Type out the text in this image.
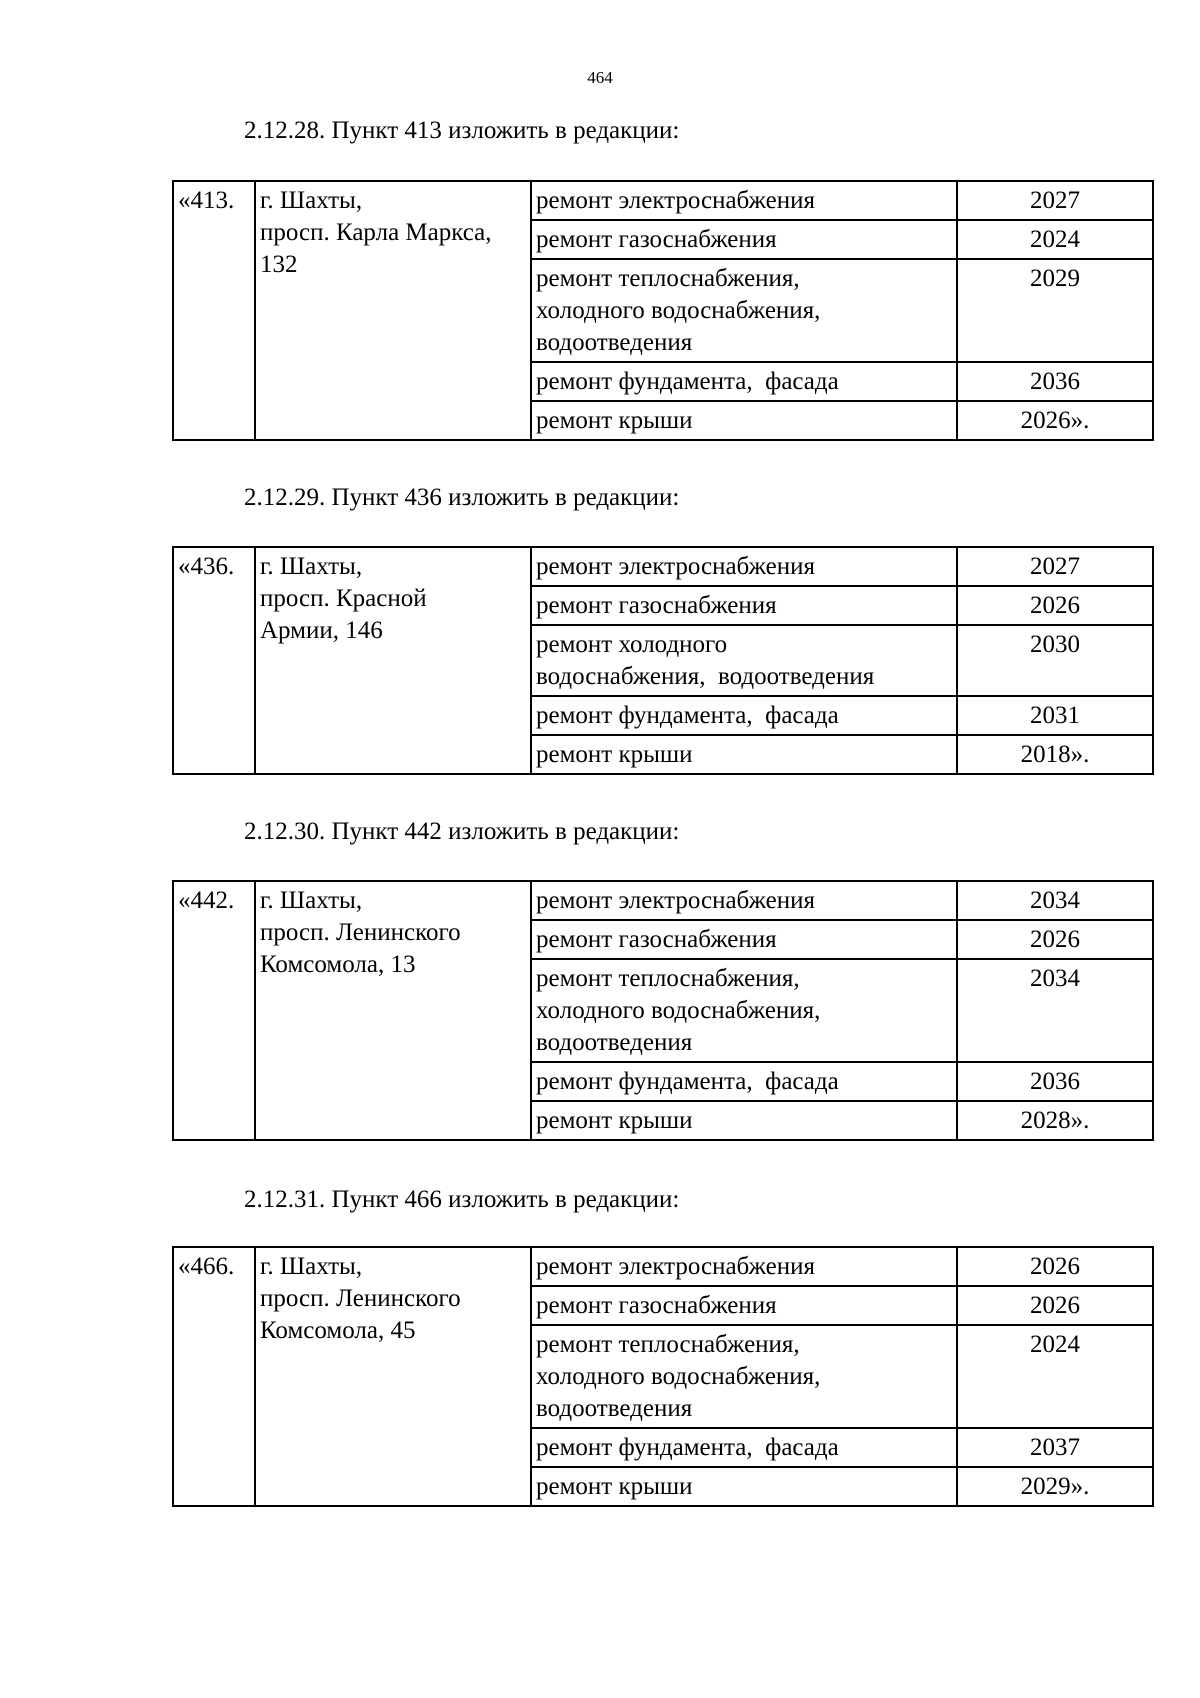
464

2.12.28. Пункт 413 изложить в редакции:

«413.	г. Шахты,
просп. Карла Маркса,
132	ремонт электроснабжения	2027

		ремонт газоснабжения	2024

		ремонт теплоснабжения,
холодного водоснабжения,
водоотведения	2029

		ремонт фундамента,  фасада	2036

		ремонт крыши	2026».

2.12.29. Пункт 436 изложить в редакции:

«436.	г. Шахты,
просп. Красной
Армии, 146	ремонт электроснабжения	2027

		ремонт газоснабжения	2026

		ремонт холодного
водоснабжения,  водоотведения	2030

		ремонт фундамента,  фасада	2031

		ремонт крыши	2018».

2.12.30. Пункт 442 изложить в редакции:

«442.	г. Шахты,
просп. Ленинского
Комсомола, 13	ремонт электроснабжения	2034

		ремонт газоснабжения	2026

		ремонт теплоснабжения,
холодного водоснабжения,
водоотведения	2034

		ремонт фундамента,  фасада	2036

		ремонт крыши	2028».

2.12.31. Пункт 466 изложить в редакции:

«466.	г. Шахты,
просп. Ленинского
Комсомола, 45	ремонт электроснабжения	2026

		ремонт газоснабжения	2026

		ремонт теплоснабжения,
холодного водоснабжения,
водоотведения	2024

		ремонт фундамента,  фасада	2037

		ремонт крыши	2029».
